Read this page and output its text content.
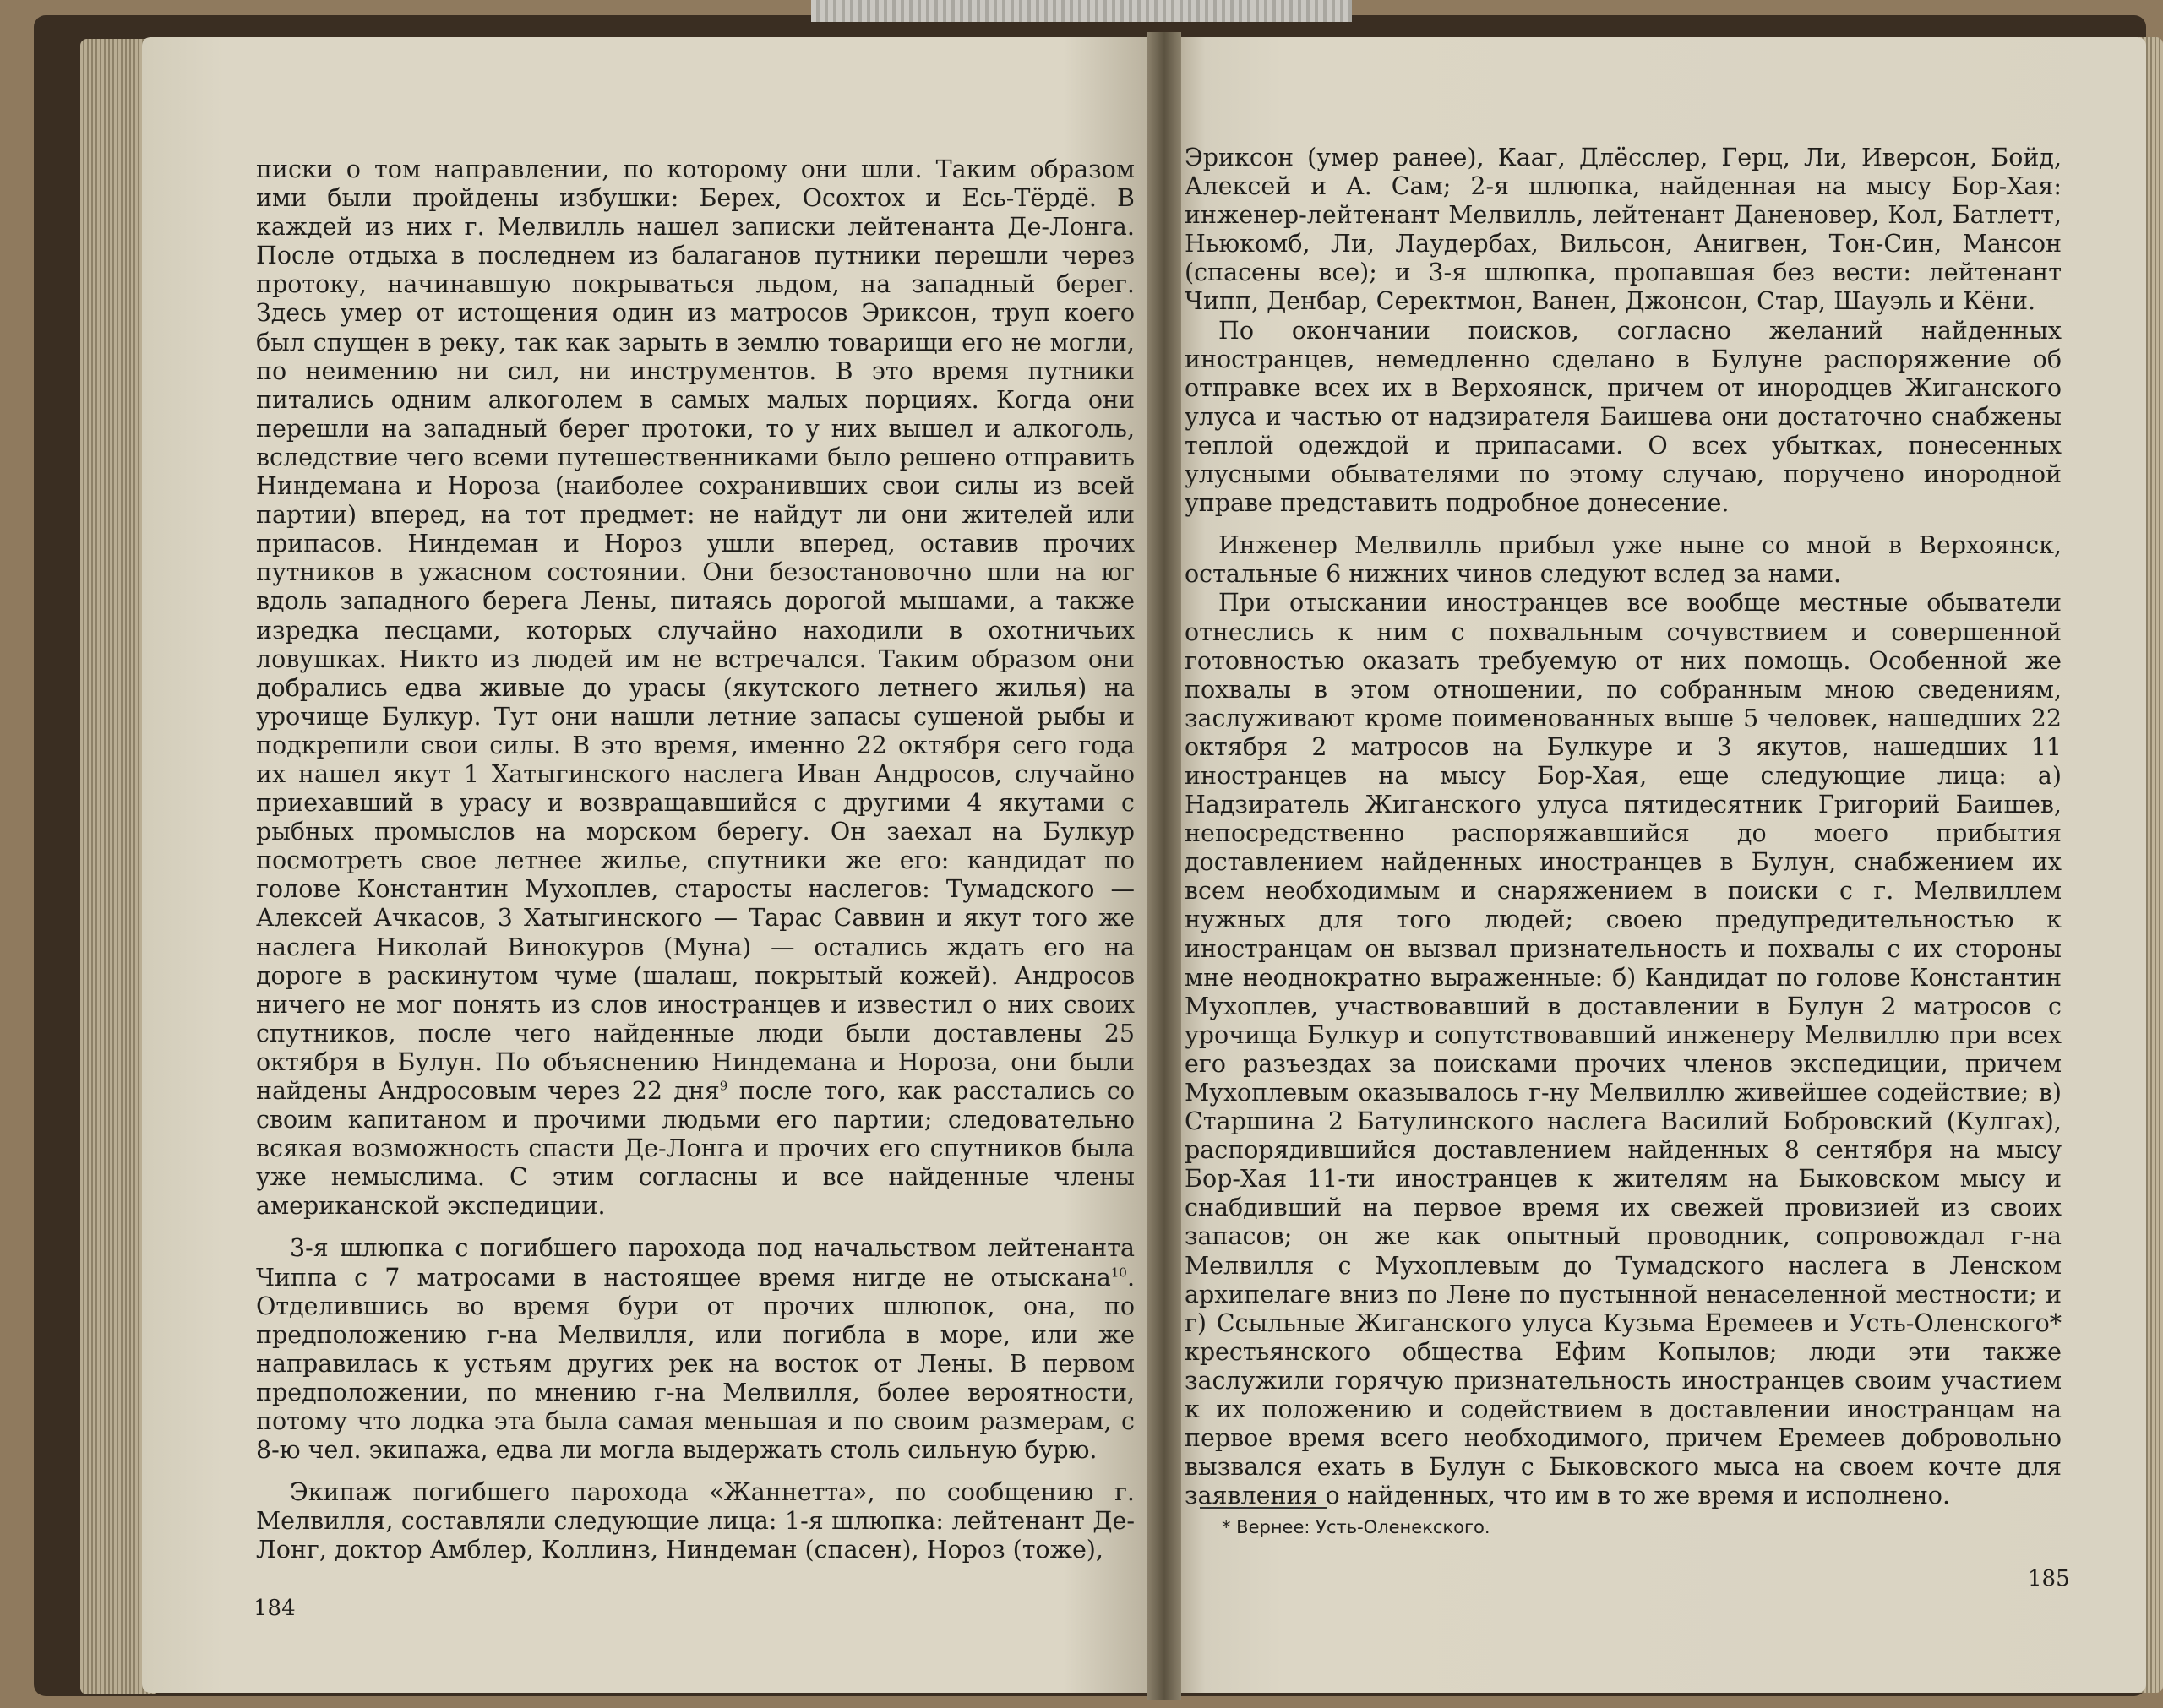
писки о том направлении, по которому они шли. Таким образом ими были пройдены избушки: Берех, Осохтох и Есь-Тёрдё. В каждей из них г. Мелвилль нашел записки лейтенанта Де-Лонга. После отдыха в последнем из балаганов путники перешли через протоку, начинавшую покрываться льдом, на западный берег. Здесь умер от истощения один из матросов Эриксон, труп коего был спущен в реку, так как зарыть в землю товарищи его не могли, по неимению ни сил, ни инструментов. В это время путники питались одним алкоголем в самых малых порциях. Когда они перешли на западный берег протоки, то у них вышел и алкоголь, вследствие чего всеми путешественниками было решено отправить Ниндемана и Нороза (наиболее сохранивших свои силы из всей партии) вперед, на тот предмет: не найдут ли они жителей или припасов. Ниндеман и Нороз ушли вперед, оставив прочих путников в ужасном состоянии. Они безостановочно шли на юг вдоль западного берега Лены, питаясь дорогой мышами, а также изредка песцами, которых случайно находили в охотничьих ловушках. Никто из людей им не встречался. Таким образом они добрались едва живые до урасы (якутского летнего жилья) на урочище Булкур. Тут они нашли летние запасы сушеной рыбы и подкрепили свои силы. В это время, именно 22 октября сего года их нашел якут 1 Хатыгинского наслега Иван Андросов, случайно приехавший в урасу и возвращавшийся с другими 4 якутами с рыбных промыслов на морском берегу. Он заехал на Булкур посмотреть свое летнее жилье, спутники же его: кандидат по голове Константин Мухоплев, старосты наслегов: Тумадского — Алексей Ачкасов, 3 Хатыгинского — Тарас Саввин и якут того же наслега Николай Винокуров (Муна) — остались ждать его на дороге в раскинутом чуме (шалаш, покрытый кожей). Андросов ничего не мог понять из слов иностранцев и известил о них своих спутников, после чего найденные люди были доставлены 25 октября в Булун. По объяснению Ниндемана и Нороза, они были найдены Андросовым через 22 дня$^9$ после того, как расстались со своим капитаном и прочими людьми его партии; следовательно всякая возможность спасти Де-Лонга и прочих его спутников была уже немыслима. С этим согласны и все найденные члены американской экспедиции.

3-я шлюпка с погибшего парохода под начальством лейтенанта Чиппа с 7 матросами в настоящее время нигде не отыскана$^{10}$. Отделившись во время бури от прочих шлюпок, она, по предположению г-на Мелвилля, или погибла в море, или же направилась к устьям других рек на восток от Лены. В первом предположении, по мнению г-на Мелвилля, более вероятности, потому что лодка эта была самая меньшая и по своим размерам, с 8-ю чел. экипажа, едва ли могла выдержать столь сильную бурю.

Экипаж погибшего парохода «Жаннетта», по сообщению г. Мелвилля, составляли следующие лица: 1-я шлюпка: лейтенант Де-Лонг, доктор Амблер, Коллинз, Ниндеман (спасен), Нороз (тоже),

184

Эриксон (умер ранее), Кааг, Длёсслер, Герц, Ли, Иверсон, Бойд, Алексей и А. Сам; 2-я шлюпка, найденная на мысу Бор-Хая: инженер-лейтенант Мелвилль, лейтенант Даненовер, Кол, Батлетт, Ньюкомб, Ли, Лаудербах, Вильсон, Анигвен, Тон-Син, Мансон (спасены все); и 3-я шлюпка, пропавшая без вести: лейтенант Чипп, Денбар, Серектмон, Ванен, Джонсон, Стар, Шауэль и Кёни.

По окончании поисков, согласно желаний найденных иностранцев, немедленно сделано в Булуне распоряжение об отправке всех их в Верхоянск, причем от инородцев Жиганского улуса и частью от надзирателя Баишева они достаточно снабжены теплой одеждой и припасами. О всех убытках, понесенных улусными обывателями по этому случаю, поручено инородной управе представить подробное донесение.

Инженер Мелвилль прибыл уже ныне со мной в Верхоянск, остальные 6 нижних чинов следуют вслед за нами.

При отыскании иностранцев все вообще местные обыватели отнеслись к ним с похвальным сочувствием и совершенной готовностью оказать требуемую от них помощь. Особенной же похвалы в этом отношении, по собранным мною сведениям, заслуживают кроме поименованных выше 5 человек, нашедших 22 октября 2 матросов на Булкуре и 3 якутов, нашедших 11 иностранцев на мысу Бор-Хая, еще следующие лица: а) Надзиратель Жиганского улуса пятидесятник Григорий Баишев, непосредственно распоряжавшийся до моего прибытия доставлением найденных иностранцев в Булун, снабжением их всем необходимым и снаряжением в поиски с г. Мелвиллем нужных для того людей; своею предупредительностью к иностранцам он вызвал признательность и похвалы с их стороны мне неоднократно выраженные: б) Кандидат по голове Константин Мухоплев, участвовавший в доставлении в Булун 2 матросов с урочища Булкур и сопутствовавший инженеру Мелвиллю при всех его разъездах за поисками прочих членов экспедиции, причем Мухоплевым оказывалось г-ну Мелвиллю живейшее содействие; в) Старшина 2 Батулинского наслега Василий Бобровский (Кулгах), распорядившийся доставлением найденных 8 сентября на мысу Бор-Хая 11-ти иностранцев к жителям на Быковском мысу и снабдивший на первое время их свежей провизией из своих запасов; он же как опытный проводник, сопровождал г-на Мелвилля с Мухоплевым до Тумадского наслега в Ленском архипелаге вниз по Лене по пустынной ненаселенной местности; и г) Ссыльные Жиганского улуса Кузьма Еремеев и Усть-Оленского* крестьянского общества Ефим Копылов; люди эти также заслужили горячую признательность иностранцев своим участием к их положению и содействием в доставлении иностранцам на первое время всего необходимого, причем Еремеев добровольно вызвался ехать в Булун с Быковского мыса на своем кочте для заявления о найденных, что им в то же время и исполнено.

* Вернее: Усть-Оленекского.
185
